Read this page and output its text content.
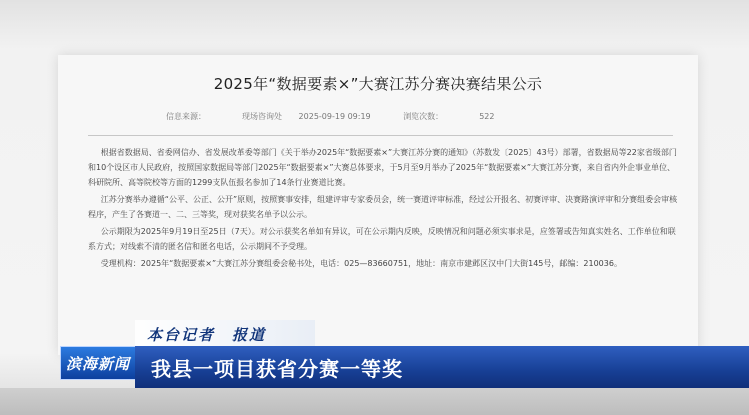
2025年“数据要素×”大赛江苏分赛决赛结果公示
信息来源：	现场咨询处 2025-09-19 09:19	浏览次数：	522

根据省数据局、省委网信办、省发展改革委等部门《关于举办2025年“数据要素×”大赛江苏分赛的通知》（苏数发〔2025〕43号）部署，省数据局等22家省级部门和10个设区市人民政府，按照国家数据局等部门2025年“数据要素×”大赛总体要求，于5月至9月举办了2025年“数据要素×”大赛江苏分赛，来自省内外企事业单位、科研院所、高等院校等方面的1299支队伍报名参加了14条行业赛道比赛。

江苏分赛举办遵循“公平、公正、公开”原则，按照赛事安排，组建评审专家委员会，统一赛道评审标准，经过公开报名、初赛评审、决赛路演评审和分赛组委会审核程序，产生了各赛道一、二、三等奖，现对获奖名单予以公示。

公示期限为2025年9月19日至25日（7天）。对公示获奖名单如有异议，可在公示期内反映，反映情况和问题必须实事求是，应签署或告知真实姓名、工作单位和联系方式；对线索不清的匿名信和匿名电话，公示期间不予受理。

受理机构：2025年“数据要素×”大赛江苏分赛组委会秘书处，电话：025—83660751，地址：南京市建邺区汉中门大街145号，邮编：210036。

本台记者　报道
滨海新闻 我县一项目获省分赛一等奖
